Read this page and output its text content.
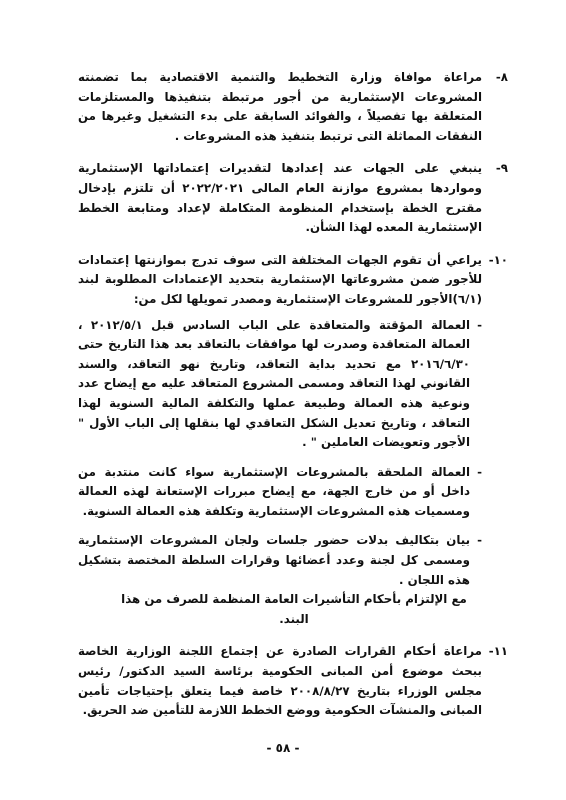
٨-
مراعاة موافاة وزارة التخطيط والتنمية الاقتصادية بما تضمنته المشروعات الإستثمارية من أجور مرتبطة بتنفيذها والمستلزمات المتعلقة بها تفصيلاً ، والفوائد السابقة على بدء التشغيل وغيرها من النفقات المماثلة التى ترتبط بتنفيذ هذه المشروعات .
٩-
ينبغي على الجهات عند إعدادها لتقديرات إعتماداتها الإستثمارية ومواردها بمشروع موازنة العام المالى ٢٠٢٢/٢٠٢١ أن تلتزم بإدخال مقترح الخطة بإستخدام المنظومة المتكاملة لإعداد ومتابعة الخطط الإستثمارية المعده لهذا الشأن.
١٠-
يراعي أن تقوم الجهات المختلفة التى سوف تدرج بموازنتها إعتمادات للأجور ضمن مشروعاتها الإستثمارية بتحديد الإعتمادات المطلوبة لبند (٦/١)الأجور للمشروعات الإستثمارية ومصدر تمويلها لكل من:
-
العمالة المؤقتة والمتعاقدة على الباب السادس قبل ٢٠١٢/٥/١ ، العمالة المتعاقدة وصدرت لها موافقات بالتعاقد بعد هذا التاريخ حتى ٢٠١٦/٦/٣٠ مع تحديد بداية التعاقد، وتاريخ نهو التعاقد، والسند القانوني لهذا التعاقد ومسمى المشروع المتعاقد عليه مع إيضاح عدد ونوعية هذه العمالة وطبيعة عملها والتكلفة المالية السنوية لهذا التعاقد ، وتاريخ تعديل الشكل التعاقدي لها بنقلها إلى الباب الأول " الأجور وتعويضات العاملين " .
-
العمالة الملحقة بالمشروعات الإستثمارية سواء كانت منتدبة من داخل أو من خارج الجهة، مع إيضاح مبررات الإستعانة لهذه العمالة ومسميات هذه المشروعات الإستثمارية وتكلفة هذه العمالة السنوية.
-
بيان بتكاليف بدلات حضور جلسات ولجان المشروعات الإستثمارية ومسمى كل لجنة وعدد أعضائها وقرارات السلطة المختصة بتشكيل هذه اللجان .
مع الإلتزام بأحكام التأشيرات العامة المنظمة للصرف من هذا البند.
١١-
مراعاة أحكام القرارات الصادرة عن إجتماع اللجنة الوزارية الخاصة ببحث موضوع أمن المبانى الحكومية برئاسة السيد الدكتور/ رئيس مجلس الوزراء بتاريخ ٢٠٠٨/٨/٢٧ خاصة فيما يتعلق بإحتياجات تأمين المبانى والمنشآت الحكومية ووضع الخطط اللازمة للتأمين ضد الحريق.
- ٥٨ -
